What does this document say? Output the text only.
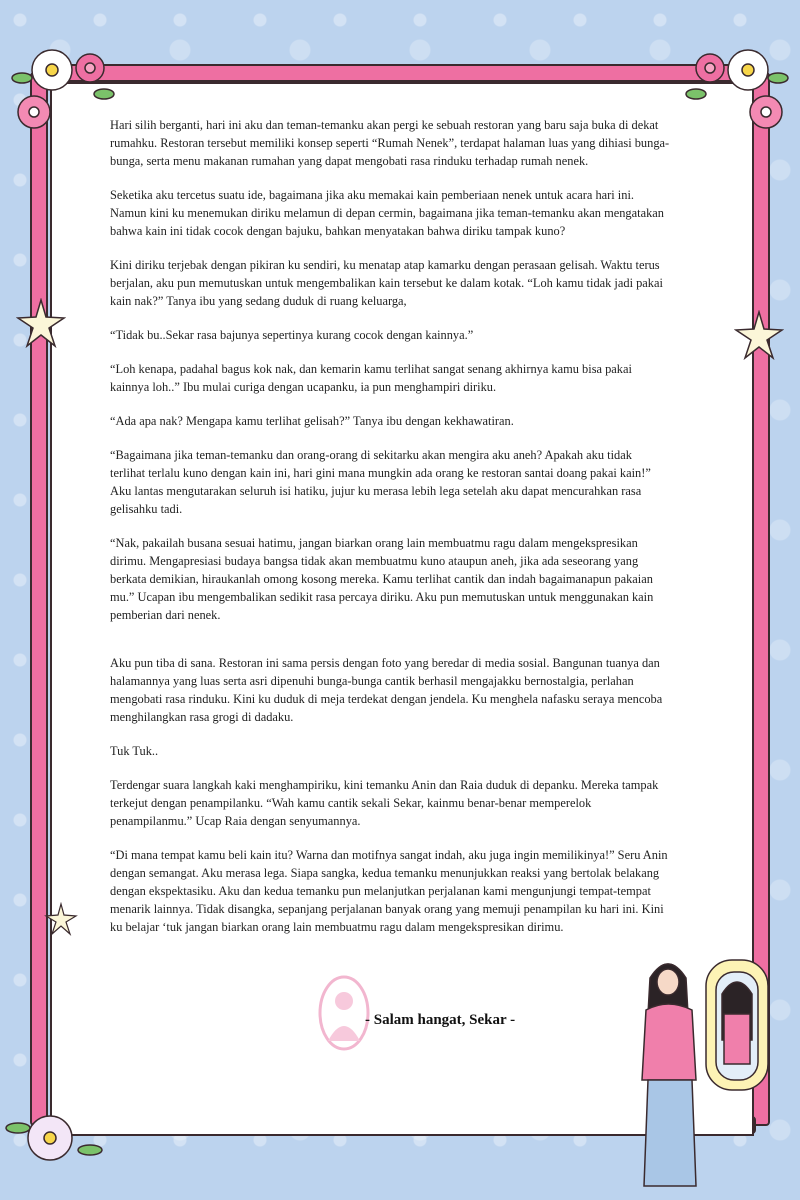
Hari silih berganti, hari ini aku dan teman-temanku akan pergi ke sebuah restoran yang baru saja buka di dekat rumahku. Restoran tersebut memiliki konsep seperti “Rumah Nenek”, terdapat halaman luas yang dihiasi bunga-bunga, serta menu makanan rumahan yang dapat mengobati rasa rinduku terhadap rumah nenek.

Seketika aku tercetus suatu ide, bagaimana jika aku memakai kain pemberiaan nenek untuk acara hari ini. Namun kini ku menemukan diriku melamun di depan cermin, bagaimana jika teman-temanku akan mengatakan bahwa kain ini tidak cocok dengan bajuku, bahkan menyatakan bahwa diriku tampak kuno?

Kini diriku terjebak dengan pikiran ku sendiri, ku menatap atap kamarku dengan perasaan gelisah. Waktu terus berjalan, aku pun memutuskan untuk mengembalikan kain tersebut ke dalam kotak. “Loh kamu tidak jadi pakai kain nak?” Tanya ibu yang sedang duduk di ruang keluarga,

“Tidak bu..Sekar rasa bajunya sepertinya kurang cocok dengan kainnya.”

“Loh kenapa, padahal bagus kok nak, dan kemarin kamu terlihat sangat senang akhirnya kamu bisa pakai kainnya loh..” Ibu mulai curiga dengan ucapanku, ia pun menghampiri diriku.

“Ada apa nak? Mengapa kamu terlihat gelisah?” Tanya ibu dengan kekhawatiran.

“Bagaimana jika teman-temanku dan orang-orang di sekitarku akan mengira aku aneh? Apakah aku tidak terlihat terlalu kuno dengan kain ini, hari gini mana mungkin ada orang ke restoran santai doang pakai kain!” Aku lantas mengutarakan seluruh isi hatiku, jujur ku merasa lebih lega setelah aku dapat mencurahkan rasa gelisahku tadi.

“Nak, pakailah busana sesuai hatimu, jangan biarkan orang lain membuatmu ragu dalam mengekspresikan dirimu. Mengapresiasi budaya bangsa tidak akan membuatmu kuno ataupun aneh, jika ada seseorang yang berkata demikian, hiraukanlah omong kosong mereka. Kamu terlihat cantik dan indah bagaimanapun pakaian mu.” Ucapan ibu mengembalikan sedikit rasa percaya diriku. Aku pun memutuskan untuk menggunakan kain pemberian dari nenek.

Aku pun tiba di sana. Restoran ini sama persis dengan foto yang beredar di media sosial. Bangunan tuanya dan halamannya yang luas serta asri dipenuhi bunga-bunga cantik berhasil mengajakku bernostalgia, perlahan mengobati rasa rinduku. Kini ku duduk di meja terdekat dengan jendela. Ku menghela nafasku seraya mencoba menghilangkan rasa grogi di dadaku.

Tuk Tuk..

Terdengar suara langkah kaki menghampiriku, kini temanku Anin dan Raia duduk di depanku. Mereka tampak terkejut dengan penampilanku. “Wah kamu cantik sekali Sekar, kainmu benar-benar memperelok penampilanmu.” Ucap Raia dengan senyumannya.

“Di mana tempat kamu beli kain itu? Warna dan motifnya sangat indah, aku juga ingin memilikinya!” Seru Anin dengan semangat. Aku merasa lega. Siapa sangka, kedua temanku menunjukkan reaksi yang bertolak belakang dengan ekspektasiku. Aku dan kedua temanku pun melanjutkan perjalanan kami mengunjungi tempat-tempat menarik lainnya. Tidak disangka, sepanjang perjalanan banyak orang yang memuji penampilan ku hari ini. Kini ku belajar ‘tuk jangan biarkan orang lain membuatmu ragu dalam mengekspresikan dirimu.

- Salam hangat, Sekar -
